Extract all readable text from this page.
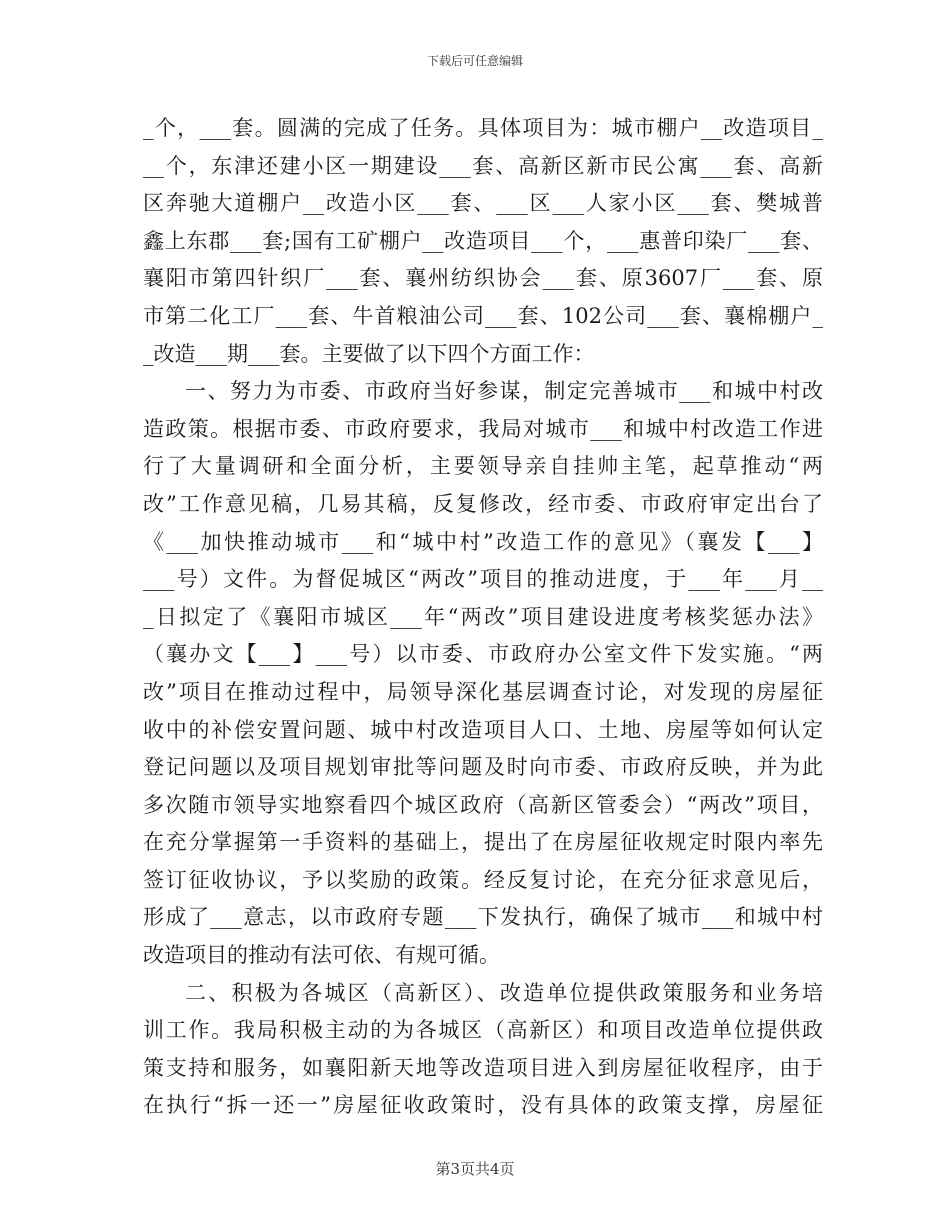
下载后可任意编辑
_个，___套。圆满的完成了任务。具体项目为：城市棚户__改造项目_
__个，东津还建小区一期建设___套、高新区新市民公寓___套、高新
区奔驰大道棚户__改造小区___套、___区___人家小区___套、樊城普
鑫上东郡___套;国有工矿棚户__改造项目___个，___惠普印染厂___套、
襄阳市第四针织厂___套、襄州纺织协会___套、原3607厂___套、原
市第二化工厂___套、牛首粮油公司___套、102公司___套、襄棉棚户_
_改造___期___套。主要做了以下四个方面工作：
一、努力为市委、市政府当好参谋，制定完善城市___和城中村改
造政策。根据市委、市政府要求，我局对城市___和城中村改造工作进
行了大量调研和全面分析，主要领导亲自挂帅主笔，起草推动“两
改”工作意见稿，几易其稿，反复修改，经市委、市政府审定出台了
《___加快推动城市___和“城中村”改造工作的意见》（襄发【___】
___号）文件。为督促城区“两改”项目的推动进度，于___年___月__
_日拟定了《襄阳市城区___年“两改”项目建设进度考核奖惩办法》
（襄办文【___】___号）以市委、市政府办公室文件下发实施。“两
改”项目在推动过程中，局领导深化基层调查讨论，对发现的房屋征
收中的补偿安置问题、城中村改造项目人口、土地、房屋等如何认定
登记问题以及项目规划审批等问题及时向市委、市政府反映，并为此
多次随市领导实地察看四个城区政府（高新区管委会）“两改”项目，
在充分掌握第一手资料的基础上，提出了在房屋征收规定时限内率先
签订征收协议，予以奖励的政策。经反复讨论，在充分征求意见后，
形成了___意志，以市政府专题___下发执行，确保了城市___和城中村
改造项目的推动有法可依、有规可循。
二、积极为各城区（高新区）、改造单位提供政策服务和业务培
训工作。我局积极主动的为各城区（高新区）和项目改造单位提供政
策支持和服务，如襄阳新天地等改造项目进入到房屋征收程序，由于
在执行“拆一还一”房屋征收政策时，没有具体的政策支撑，房屋征
第3页共4页
